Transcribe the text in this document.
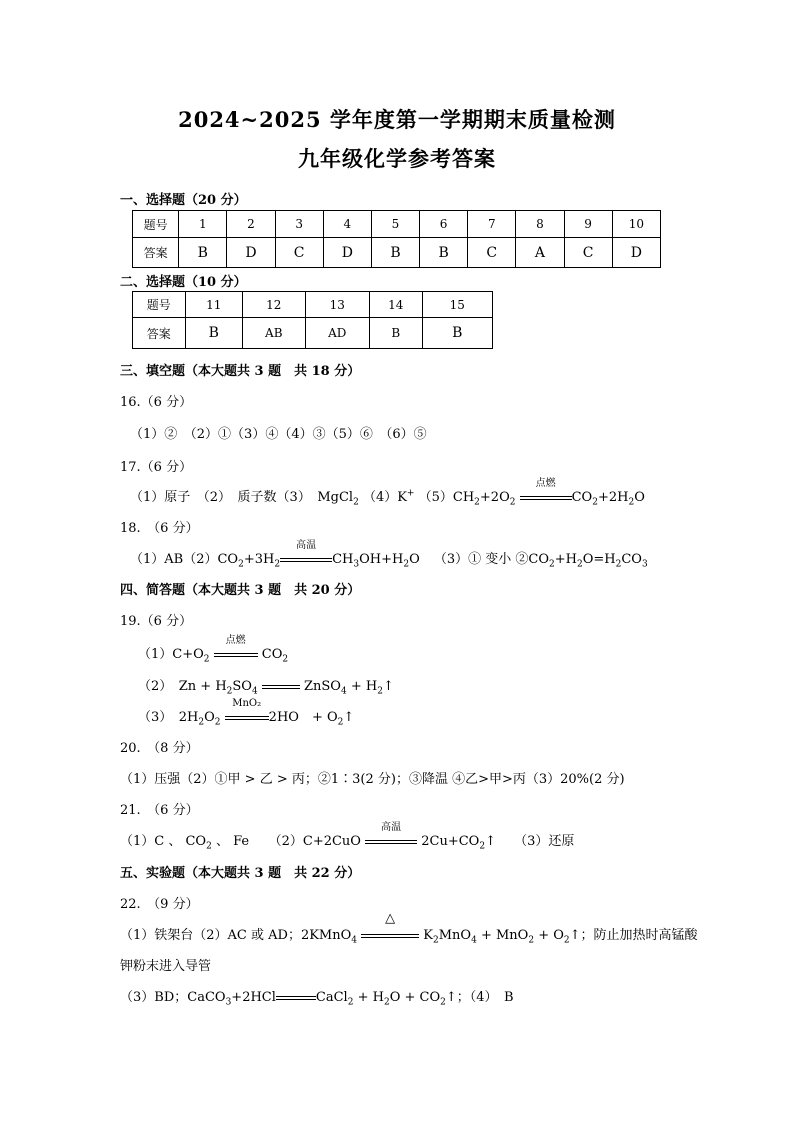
2024~2025 学年度第一学期期末质量检测
九年级化学参考答案
一、选择题（20 分）
题号	1	2	3	4	5	6	7	8	9	10
答案	B	D	C	D	B	B	C	A	C	D
二、选择题（10 分）
题号	11	12	13	14	15
答案	B	AB	AD	B	B
三、填空题（本大题共 3 题　共 18 分）
16.（6 分）
（1）②　（2）①（3）④（4）③（5）⑥　（6）⑤
17.（6 分）
（1）原子　（2）　质子数（3）　MgCl$_2$ （4）K+ $(5)CH_2+2O_2$
点燃
$CO_2+2H_2O$
18.　（6 分）
$(1)AB(2)CO_2+3H_2$
高温
$CH_3OH+H_2O$ （3）① 变小 $②CO_2+H_2O=H_2CO_3$
四、简答题（本大题共 3 题　共 20 分）
19.（6 分）
$(1)C+O_2$
点燃
$CO_2$
（2）　$Zn + H_2SO_4$	ZnSO$_4$ + $H_2↑$
（3）　$2H_2O_2$
MnO₂
2HO　+ $O_2↑$
20.　（8 分）
（1）压强（2）①甲 > 乙 > 丙；②1∶3(2 分)；③降温 ④乙>甲>丙（3）20%(2 分)
21.　（6 分）
（1）C 、 $CO_2$ 、 Fe　　（2）C+2CuO
高温
$2Cu+CO_2↑$ （3）还原
五、实验题（本大题共 3 题　共 22 分）
22.　（9 分）
（1）铁架台（2）AC 或 AD；2KMnO$_4$
△
$K_2MnO_4 + MnO_2$ + $O_2↑$；防止加热时高锰酸
钾粉末进入导管
（3）BD；CaCO$_3$+2HCl	CaCl$_2$ + $H_2O$ + $CO_2↑$；（4）　B
